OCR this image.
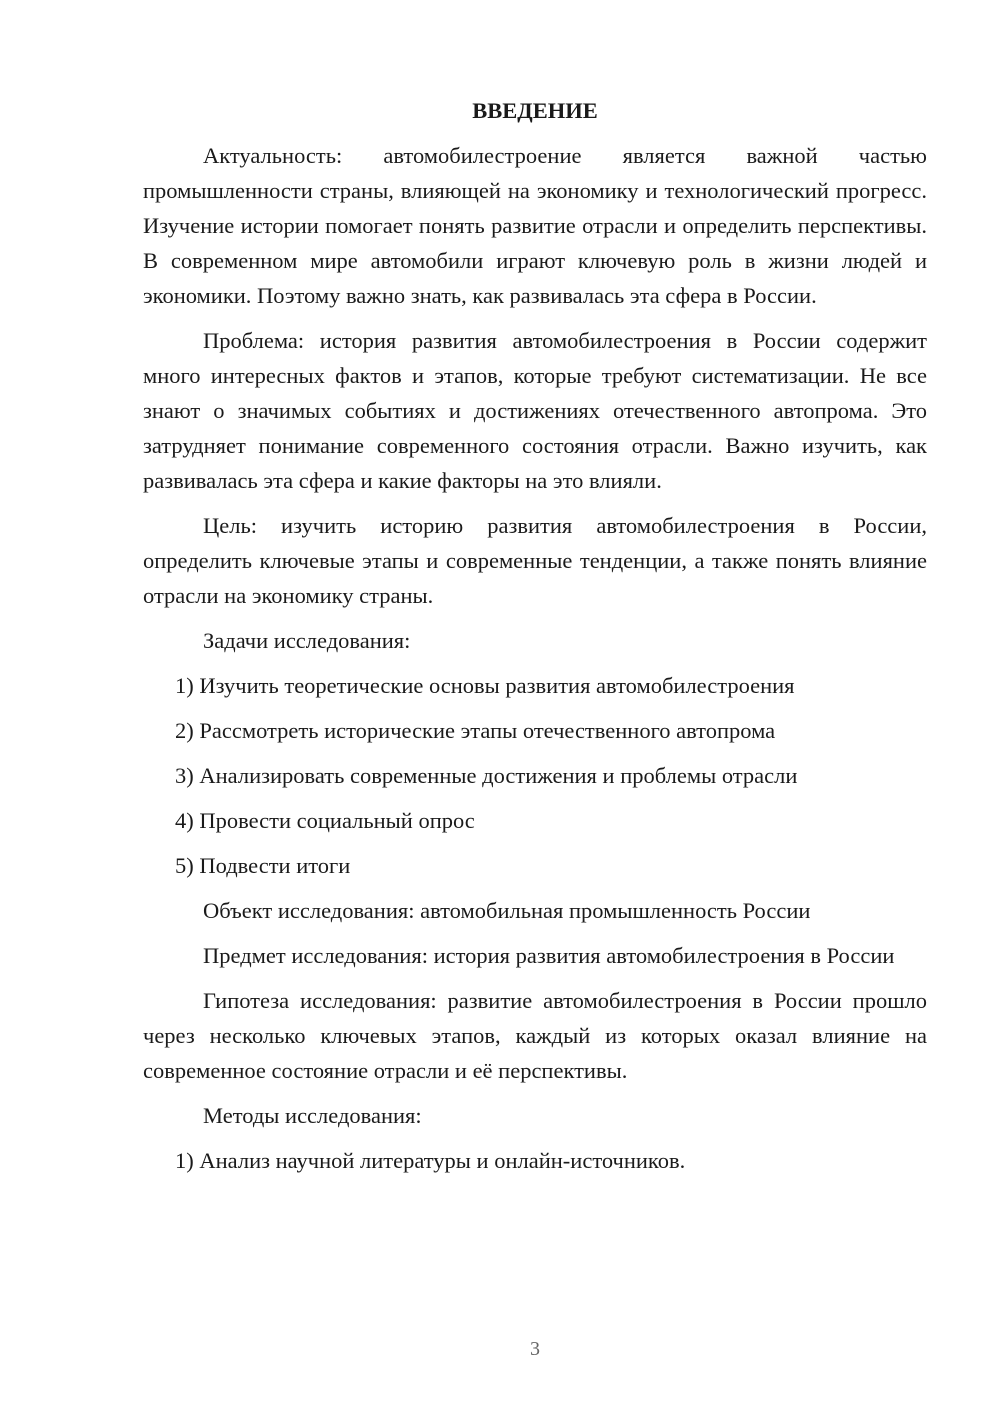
ВВЕДЕНИЕ

Актуальность: автомобилестроение является важной частью промышленности страны, влияющей на экономику и технологический прогресс. Изучение истории помогает понять развитие отрасли и определить перспективы. В современном мире автомобили играют ключевую роль в жизни людей и экономики. Поэтому важно знать, как развивалась эта сфера в России.

Проблема: история развития автомобилестроения в России содержит много интересных фактов и этапов, которые требуют систематизации. Не все знают о значимых событиях и достижениях отечественного автопрома. Это затрудняет понимание современного состояния отрасли. Важно изучить, как развивалась эта сфера и какие факторы на это влияли.

Цель: изучить историю развития автомобилестроения в России, определить ключевые этапы и современные тенденции, а также понять влияние отрасли на экономику страны.

Задачи исследования:

1) Изучить теоретические основы развития автомобилестроения

2) Рассмотреть исторические этапы отечественного автопрома

3) Анализировать современные достижения и проблемы отрасли

4) Провести социальный опрос

5) Подвести итоги

Объект исследования: автомобильная промышленность России

Предмет исследования: история развития автомобилестроения в России

Гипотеза исследования: развитие автомобилестроения в России прошло через несколько ключевых этапов, каждый из которых оказал влияние на современное состояние отрасли и её перспективы.

Методы исследования:

1) Анализ научной литературы и онлайн-источников.

3
